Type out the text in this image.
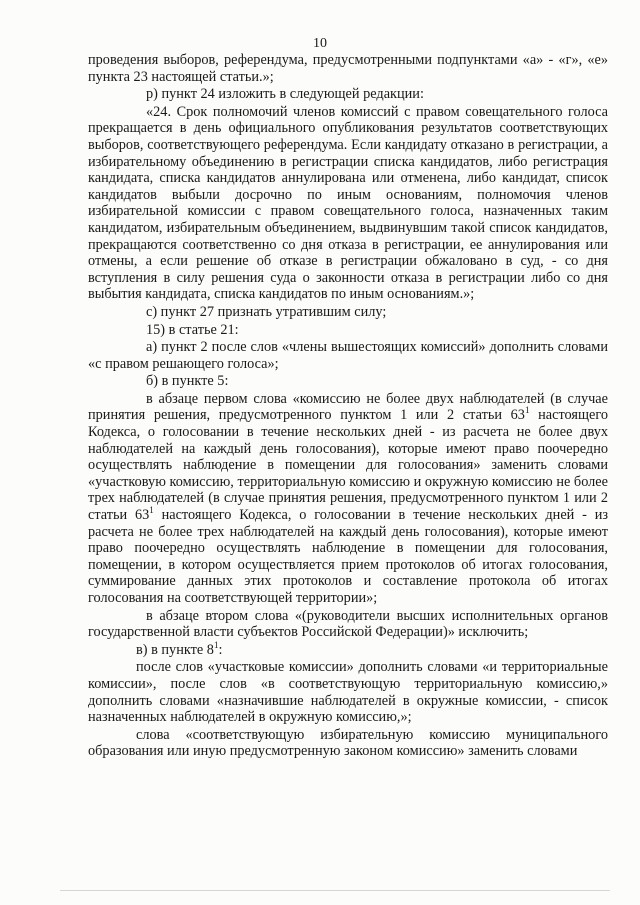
10

проведения выборов, референдума, предусмотренными подпунктами «а» - «г», «е» пункта 23 настоящей статьи.»;

р) пункт 24 изложить в следующей редакции:

«24. Срок полномочий членов комиссий с правом совещательного голоса прекращается в день официального опубликования результатов соответствующих выборов, соответствующего референдума. Если кандидату отказано в регистрации, а избирательному объединению в регистрации списка кандидатов, либо регистрация кандидата, списка кандидатов аннулирована или отменена, либо кандидат, список кандидатов выбыли досрочно по иным основаниям, полномочия членов избирательной комиссии с правом совещательного голоса, назначенных таким кандидатом, избирательным объединением, выдвинувшим такой список кандидатов, прекращаются соответственно со дня отказа в регистрации, ее аннулирования или отмены, а если решение об отказе в регистрации обжаловано в суд, - со дня вступления в силу решения суда о законности отказа в регистрации либо со дня выбытия кандидата, списка кандидатов по иным основаниям.»;

с) пункт 27 признать утратившим силу;

15) в статье 21:

а) пункт 2 после слов «члены вышестоящих комиссий» дополнить словами «с правом решающего голоса»;

б) в пункте 5:

в абзаце первом слова «комиссию не более двух наблюдателей (в случае принятия решения, предусмотренного пунктом 1 или 2 статьи $63^1$ настоящего Кодекса, о голосовании в течение нескольких дней - из расчета не более двух наблюдателей на каждый день голосования), которые имеют право поочередно осуществлять наблюдение в помещении для голосования» заменить словами «участковую комиссию, территориальную комиссию и окружную комиссию не более трех наблюдателей (в случае принятия решения, предусмотренного пунктом 1 или 2 статьи $63^1$ настоящего Кодекса, о голосовании в течение нескольких дней - из расчета не более трех наблюдателей на каждый день голосования), которые имеют право поочередно осуществлять наблюдение в помещении для голосования, помещении, в котором осуществляется прием протоколов об итогах голосования, суммирование данных этих протоколов и составление протокола об итогах голосования на соответствующей территории»;

в абзаце втором слова «(руководители высших исполнительных органов государственной власти субъектов Российской Федерации)» исключить;

в) в пункте $8^1$:

после слов «участковые комиссии» дополнить словами «и территориальные комиссии», после слов «в соответствующую территориальную комиссию,» дополнить словами «назначившие наблюдателей в окружные комиссии, - список назначенных наблюдателей в окружную комиссию,»;

слова «соответствующую избирательную комиссию муниципального образования или иную предусмотренную законом комиссию» заменить словами
